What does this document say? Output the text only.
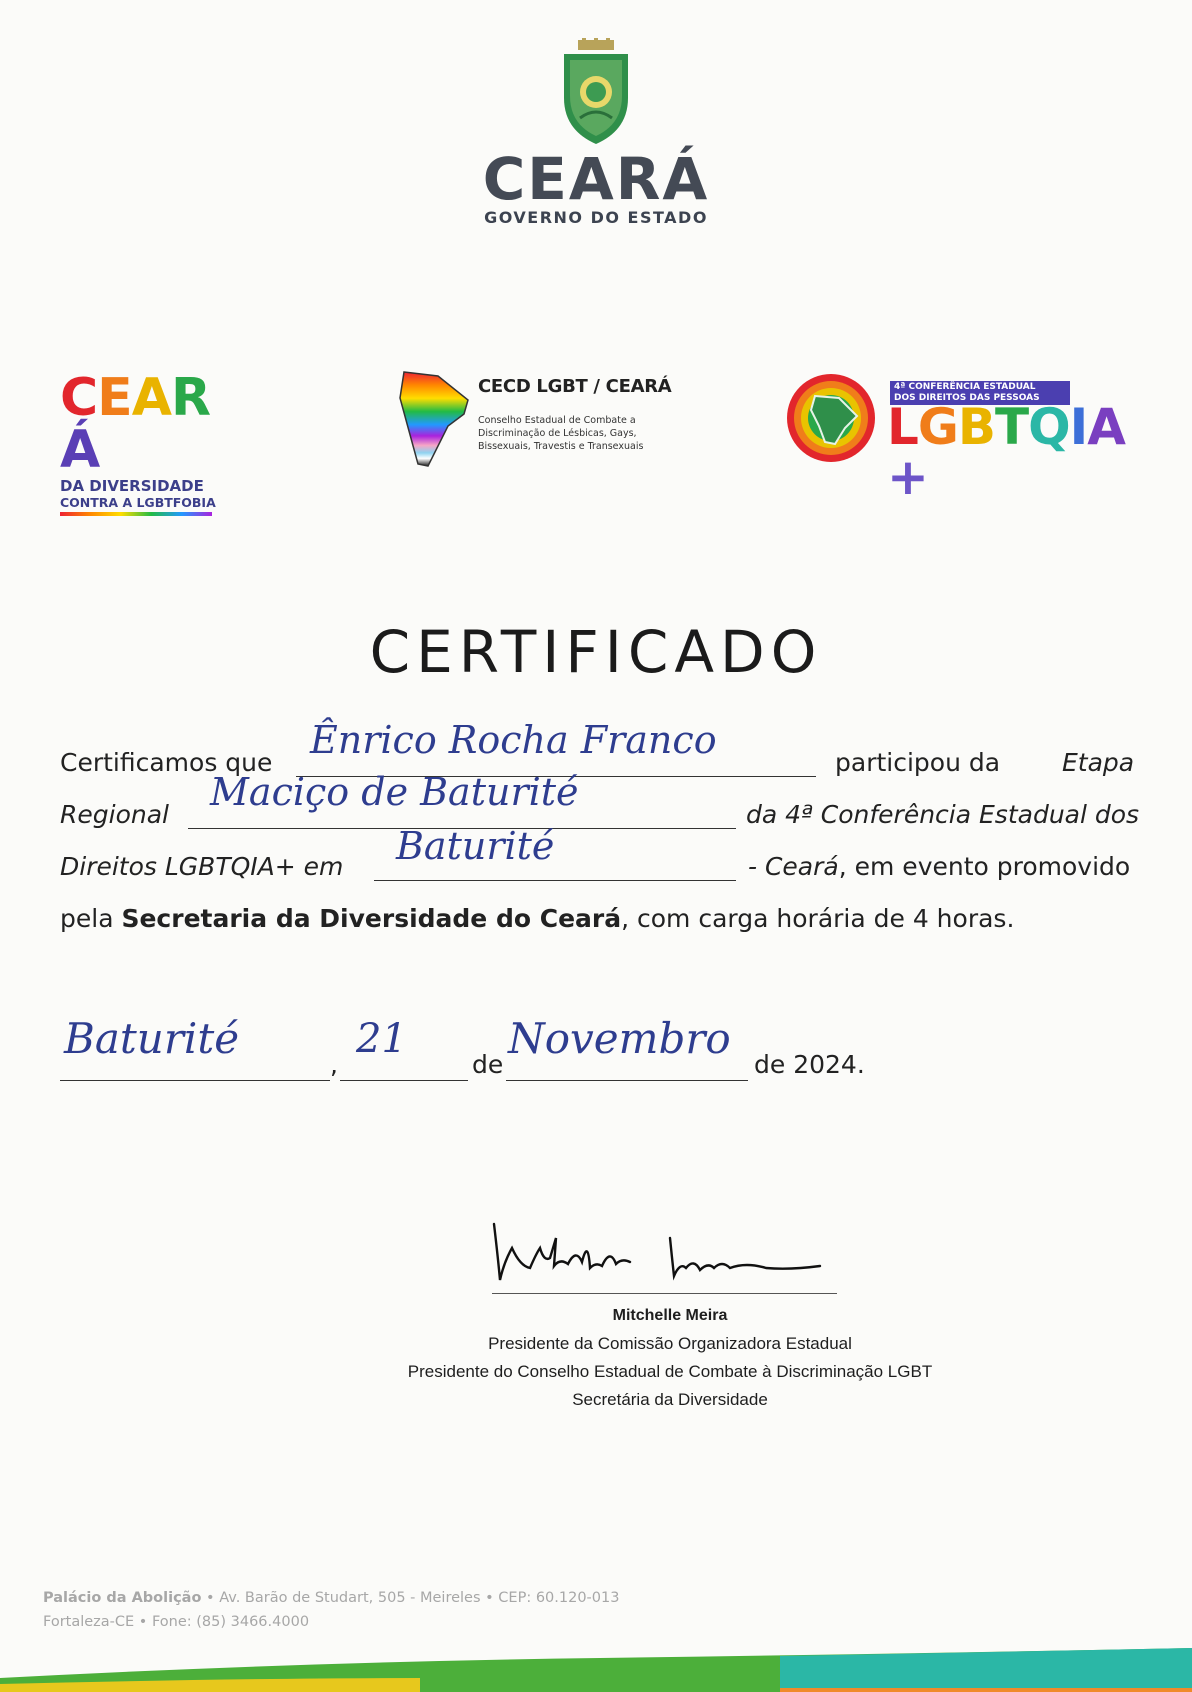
CEARÁ
GOVERNO DO ESTADO
CEARÁ
DA DIVERSIDADE
CONTRA A LGBTFOBIA
CECD LGBT / CEARÁ
Conselho Estadual de Combate a Discriminação de Lésbicas, Gays, Bissexuais, Travestis e Transexuais
4ª CONFERÊNCIA ESTADUAL
DOS DIREITOS DAS PESSOAS
LGBTQIA+
CERTIFICADO
Certificamos que
Ênrico Rocha Franco
participou da Etapa
Regional
Maciço de Baturité
da 4ª Conferência Estadual dos
Direitos LGBTQIA+ em Baturité	- Ceará, em evento promovido
pela Secretaria da Diversidade do Ceará, com carga horária de 4 horas.
Baturité
,
21
de
Novembro
de 2024.
Mitchelle Meira
Presidente da Comissão Organizadora Estadual
Presidente do Conselho Estadual de Combate à Discriminação LGBT
Secretária da Diversidade
Palácio da Abolição • Av. Barão de Studart, 505 - Meireles • CEP: 60.120-013
Fortaleza-CE • Fone: (85) 3466.4000
